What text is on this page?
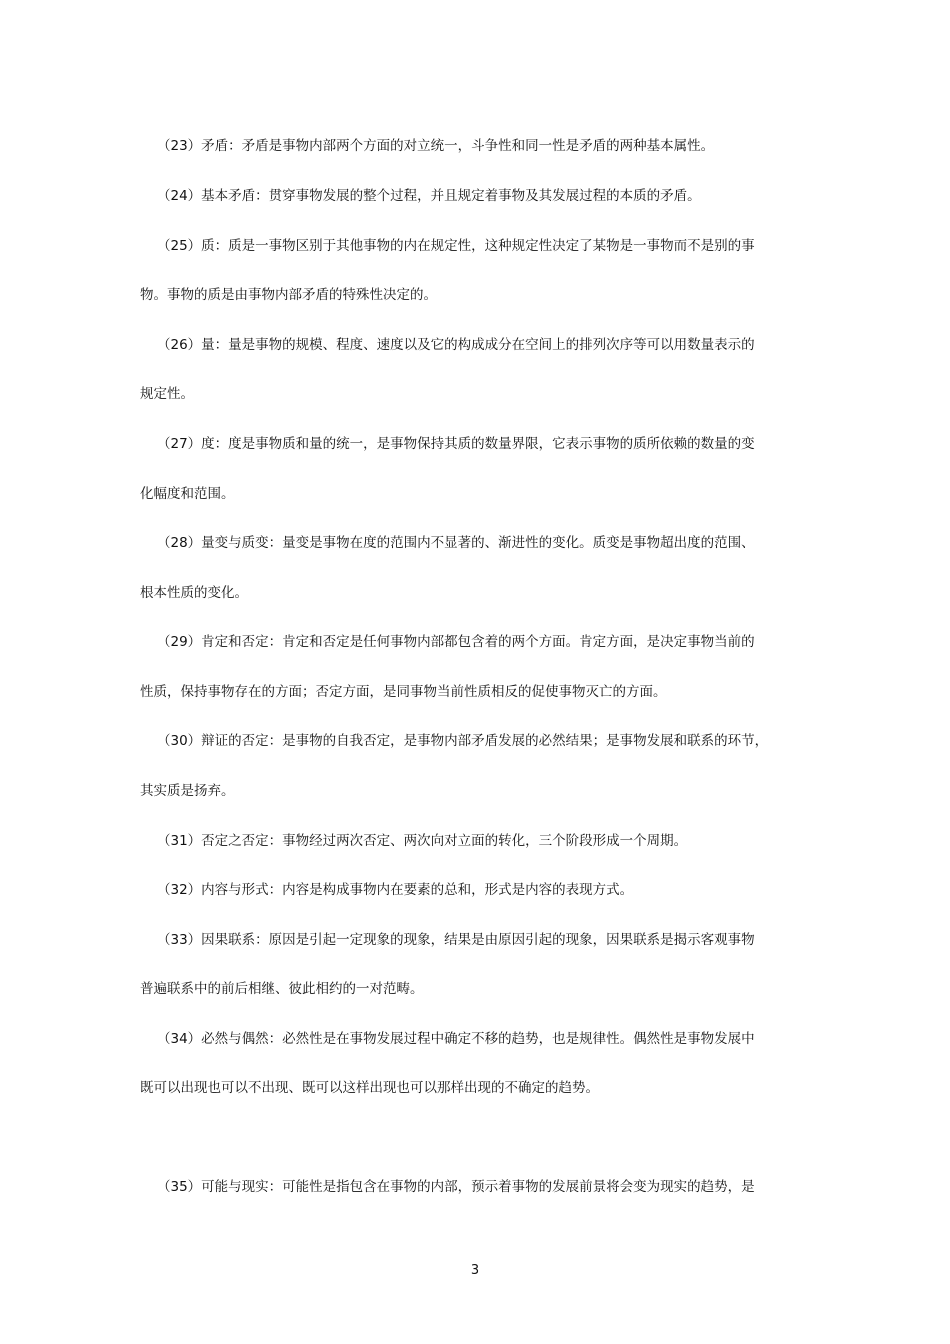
（23）矛盾：矛盾是事物内部两个方面的对立统一，斗争性和同一性是矛盾的两种基本属性。
（24）基本矛盾：贯穿事物发展的整个过程，并且规定着事物及其发展过程的本质的矛盾。
（25）质：质是一事物区别于其他事物的内在规定性，这种规定性决定了某物是一事物而不是别的事
物。事物的质是由事物内部矛盾的特殊性决定的。
（26）量：量是事物的规模、程度、速度以及它的构成成分在空间上的排列次序等可以用数量表示的
规定性。
（27）度：度是事物质和量的统一，是事物保持其质的数量界限，它表示事物的质所依赖的数量的变
化幅度和范围。
（28）量变与质变：量变是事物在度的范围内不显著的、渐进性的变化。质变是事物超出度的范围、
根本性质的变化。
（29）肯定和否定：肯定和否定是任何事物内部都包含着的两个方面。肯定方面，是决定事物当前的
性质，保持事物存在的方面；否定方面，是同事物当前性质相反的促使事物灭亡的方面。
（30）辩证的否定：是事物的自我否定，是事物内部矛盾发展的必然结果；是事物发展和联系的环节，
其实质是扬弃。
（31）否定之否定：事物经过两次否定、两次向对立面的转化，三个阶段形成一个周期。
（32）内容与形式：内容是构成事物内在要素的总和，形式是内容的表现方式。
（33）因果联系：原因是引起一定现象的现象，结果是由原因引起的现象，因果联系是揭示客观事物
普遍联系中的前后相继、彼此相约的一对范畴。
（34）必然与偶然：必然性是在事物发展过程中确定不移的趋势，也是规律性。偶然性是事物发展中
既可以出现也可以不出现、既可以这样出现也可以那样出现的不确定的趋势。
（35）可能与现实：可能性是指包含在事物的内部，预示着事物的发展前景将会变为现实的趋势，是
3
